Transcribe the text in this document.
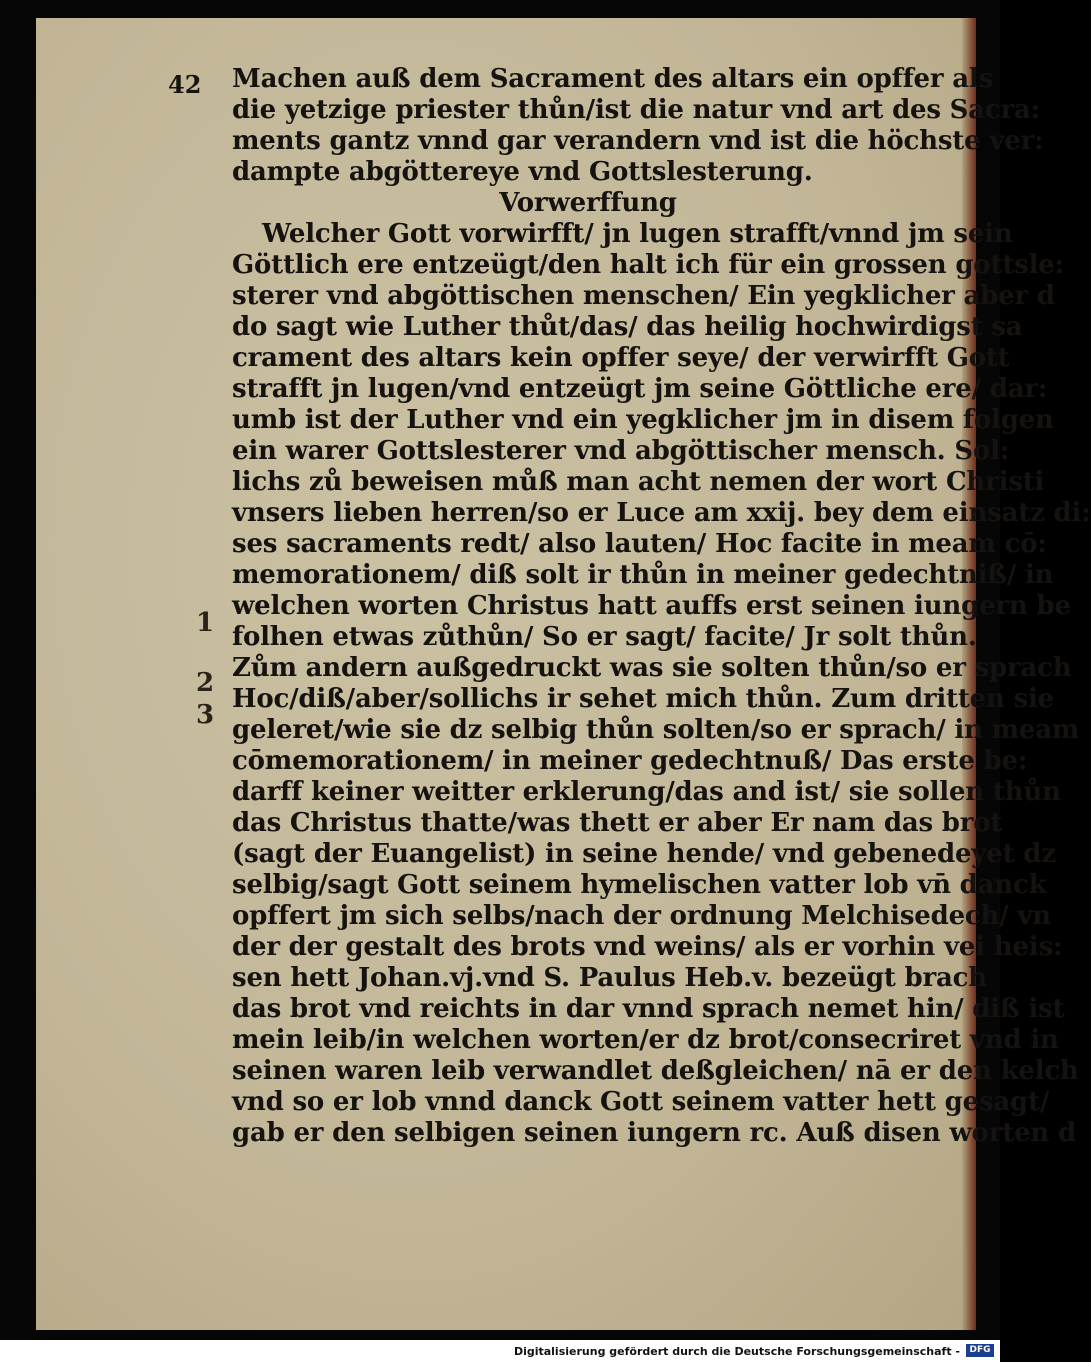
42
1
2
3
Machen auß dem Sacrament des altars ein opffer als
die yetzige priester thůn/ist die natur vnd art des Sacra:
ments gantz vnnd gar verandern vnd ist die höchste ver:
dampte abgöttereye vnd Gottslesterung.
Vorwerffung
Welcher Gott vorwirfft/ jn lugen strafft/vnnd jm sein
Göttlich ere entzeügt/den halt ich für ein grossen gottsle:
sterer vnd abgöttischen menschen/ Ein yegklicher aber d
do sagt wie Luther thůt/das/ das heilig hochwirdigst sa
crament des altars kein opffer seye/ der verwirfft Gott
strafft jn lugen/vnd entzeügt jm seine Göttliche ere/ dar:
umb ist der Luther vnd ein yegklicher jm in disem folgen
ein warer Gottslesterer vnd abgöttischer mensch. Sol:
lichs zů beweisen můß man acht nemen der wort Christi
vnsers lieben herren/so er Luce am xxij. bey dem einsatz di:
ses sacraments redt/ also lauten/ Hoc facite in meam cō:
memorationem/ diß solt ir thůn in meiner gedechtniß/ in
welchen worten Christus hatt auffs erst seinen iungern be
folhen etwas zůthůn/ So er sagt/ facite/ Jr solt thůn.
Zům andern außgedruckt was sie solten thůn/so er sprach
Hoc/diß/aber/sollichs ir sehet mich thůn. Zum dritten sie
geleret/wie sie dz selbig thůn solten/so er sprach/ in meam
cōmemorationem/ in meiner gedechtnuß/ Das erste be:
darff keiner weitter erklerung/das and ist/ sie sollen thůn
das Christus thatte/was thett er aber Er nam das brot
(sagt der Euangelist) in seine hende/ vnd gebenedeyet dz
selbig/sagt Gott seinem hymelischen vatter lob vn̄ danck
opffert jm sich selbs/nach der ordnung Melchisedech/ vn
der der gestalt des brots vnd weins/ als er vorhin vei heis:
sen hett Johan.vj.vnd S. Paulus Heb.v. bezeügt brach
das brot vnd reichts in dar vnnd sprach nemet hin/ diß ist
mein leib/in welchen worten/er dz brot/consecriret vnd in
seinen waren leib verwandlet deßgleichen/ nā er den kelch
vnd so er lob vnnd danck Gott seinem vatter hett gesagt/
gab er den selbigen seinen iungern rc. Auß disen worten d
Digitalisierung gefördert durch die Deutsche Forschungsgemeinschaft -	DFG
